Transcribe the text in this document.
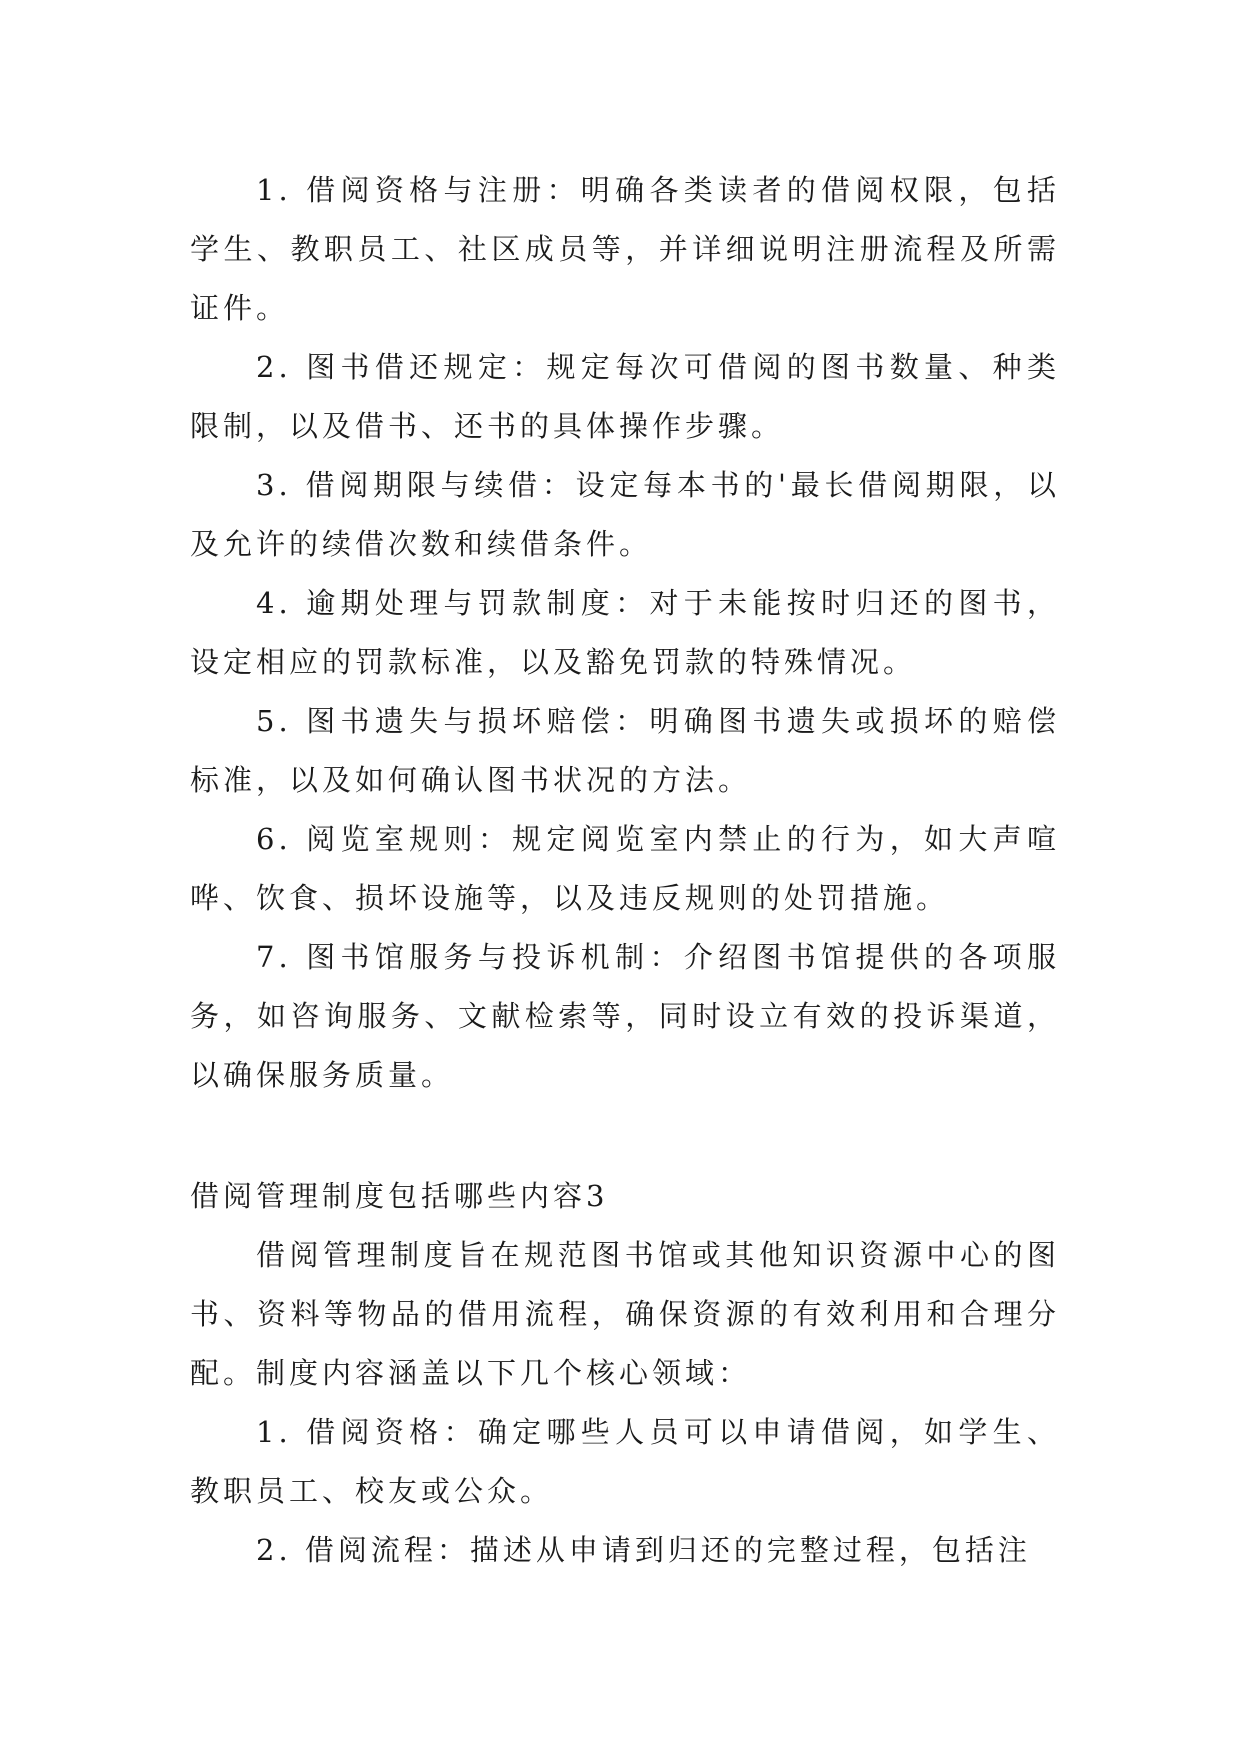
1. 借阅资格与注册：明确各类读者的借阅权限，包括学生、教职员工、社区成员等，并详细说明注册流程及所需证件。

2. 图书借还规定：规定每次可借阅的图书数量、种类限制，以及借书、还书的具体操作步骤。

3. 借阅期限与续借：设定每本书的'最长借阅期限，以及允许的续借次数和续借条件。

4. 逾期处理与罚款制度：对于未能按时归还的图书，设定相应的罚款标准，以及豁免罚款的特殊情况。

5. 图书遗失与损坏赔偿：明确图书遗失或损坏的赔偿标准，以及如何确认图书状况的方法。

6. 阅览室规则：规定阅览室内禁止的行为，如大声喧哗、饮食、损坏设施等，以及违反规则的处罚措施。

7. 图书馆服务与投诉机制：介绍图书馆提供的各项服务，如咨询服务、文献检索等，同时设立有效的投诉渠道，以确保服务质量。

借阅管理制度包括哪些内容3

借阅管理制度旨在规范图书馆或其他知识资源中心的图书、资料等物品的借用流程，确保资源的有效利用和合理分配。制度内容涵盖以下几个核心领域：

1. 借阅资格：确定哪些人员可以申请借阅，如学生、教职员工、校友或公众。

2. 借阅流程：描述从申请到归还的完整过程，包括注
